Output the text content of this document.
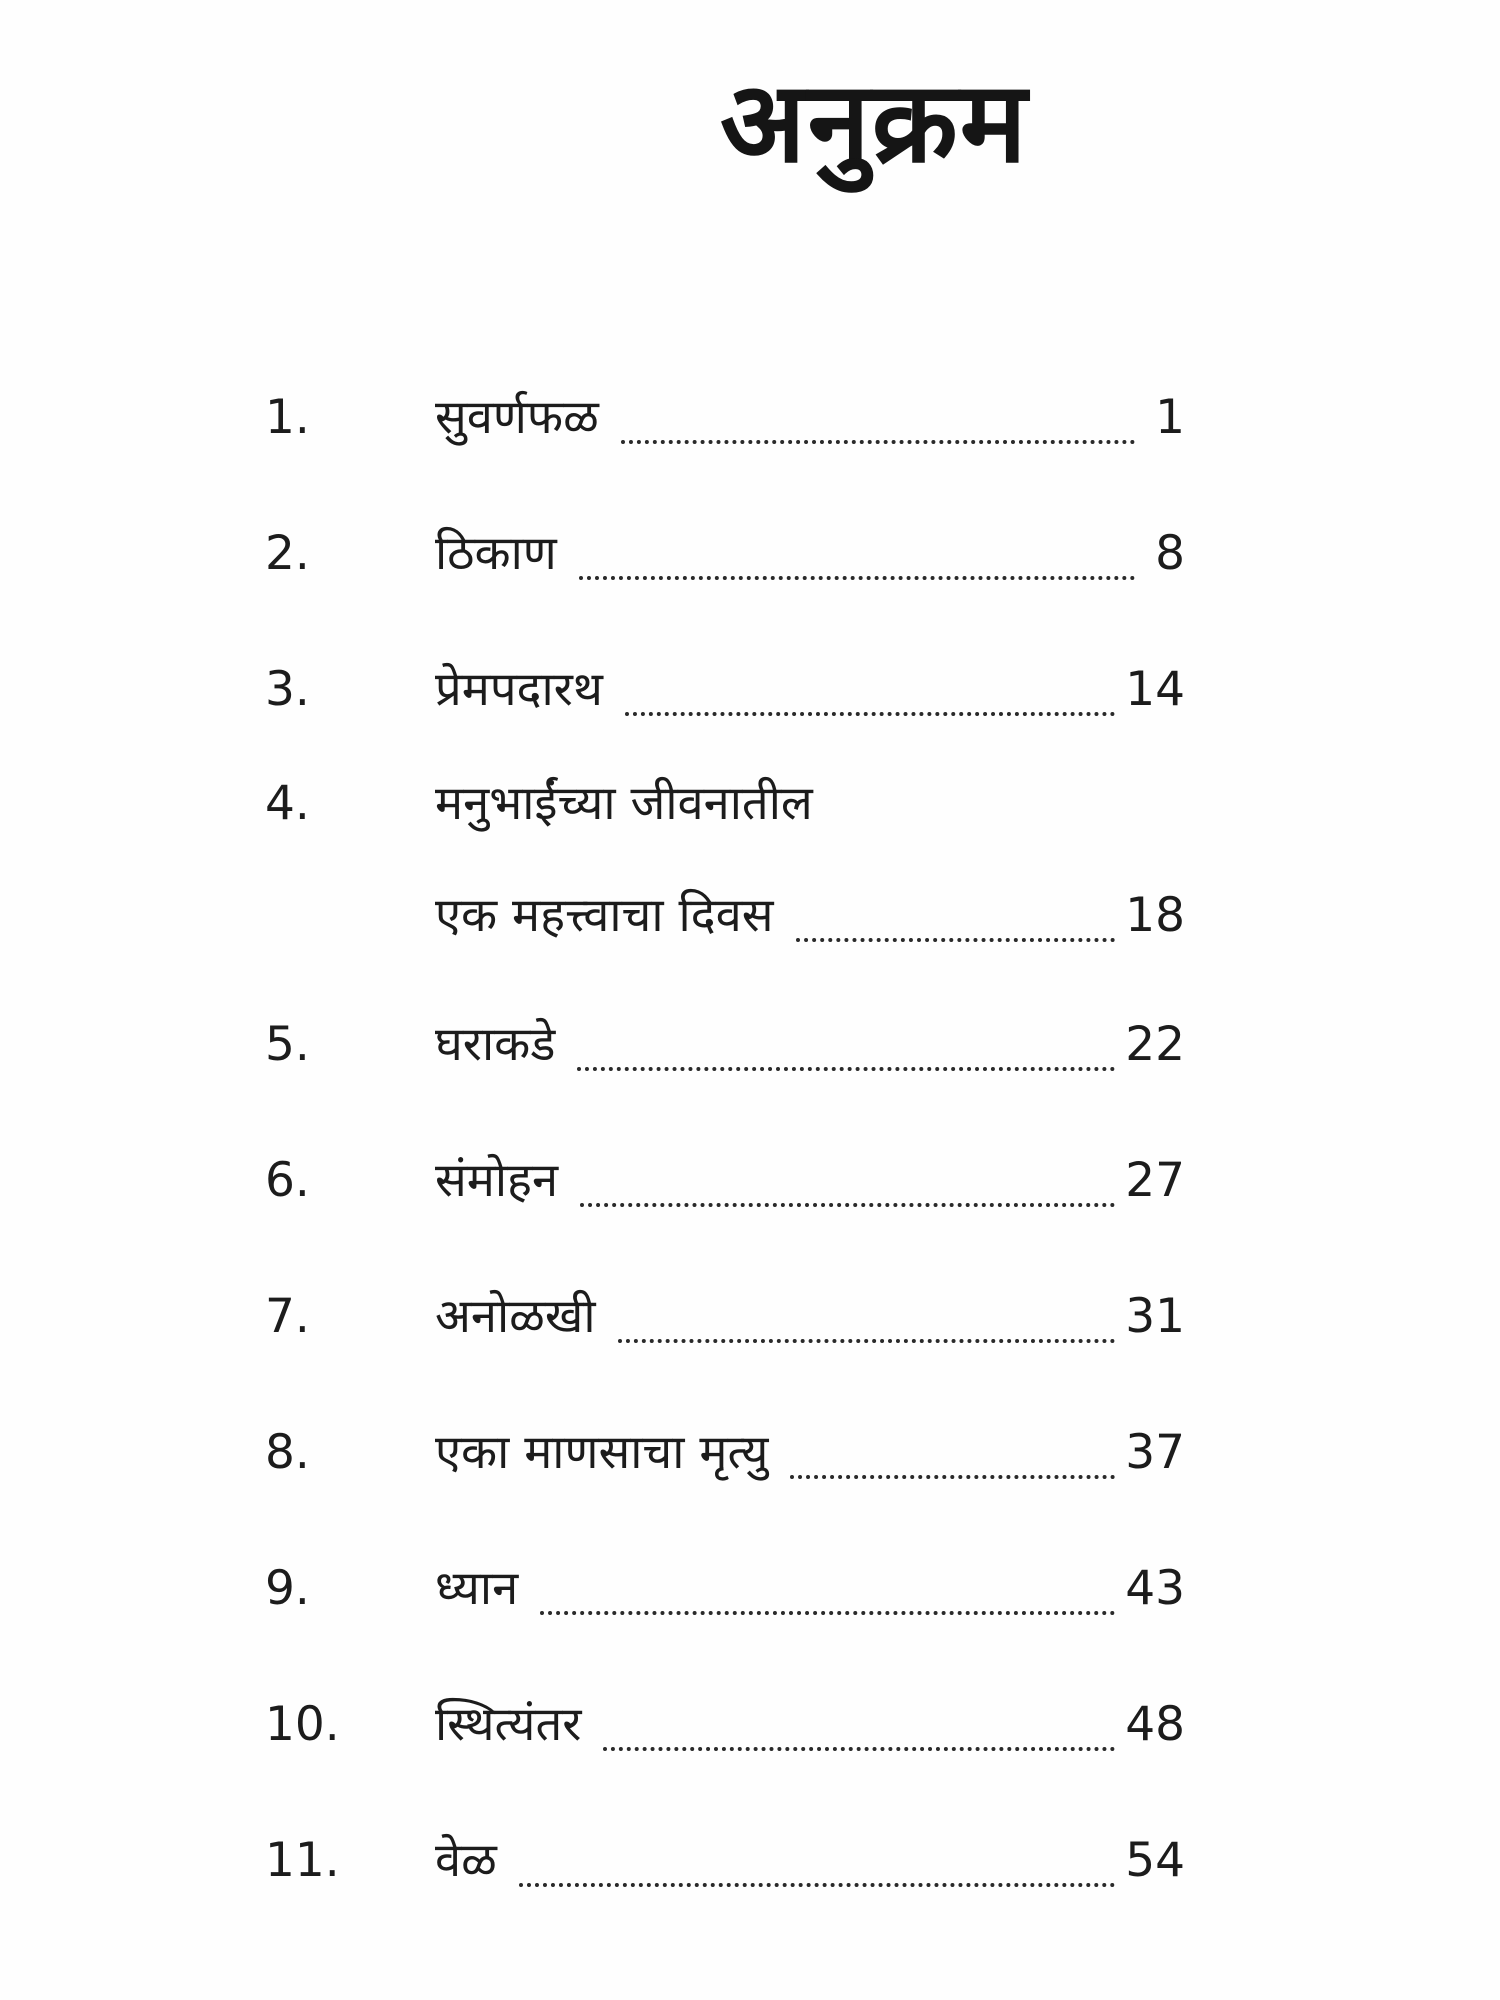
अनुक्रम
1.	सुवर्णफळ	1
2.	ठिकाण	8
3.	प्रेमपदारथ	14
4.	मनुभाईंच्या जीवनातील
एक महत्त्वाचा दिवस	18
5.	घराकडे	22
6.	संमोहन	27
7.	अनोळखी	31
8.	एका माणसाचा मृत्यु	37
9.	ध्यान	43
10. स्थित्यंतर	48
11. वेळ	54
